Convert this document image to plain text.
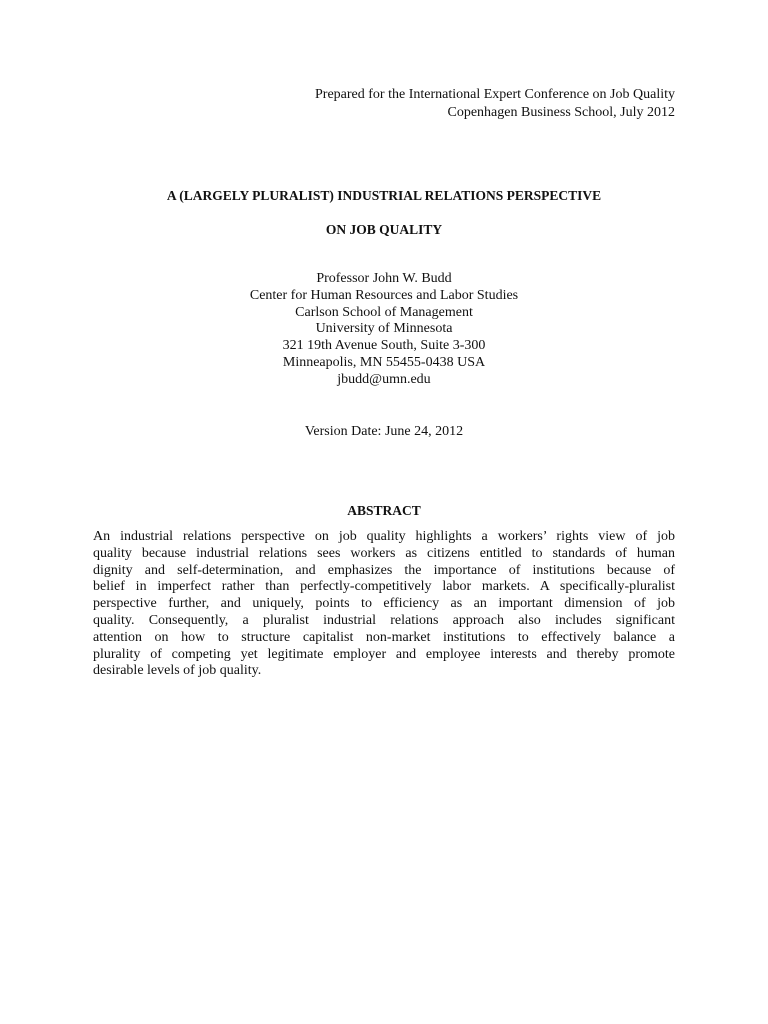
Prepared for the International Expert Conference on Job Quality
Copenhagen Business School, July 2012
A (LARGELY PLURALIST) INDUSTRIAL RELATIONS PERSPECTIVE
ON JOB QUALITY
Professor John W. Budd
Center for Human Resources and Labor Studies
Carlson School of Management
University of Minnesota
321 19th Avenue South, Suite 3-300
Minneapolis, MN 55455-0438 USA
jbudd@umn.edu
Version Date: June 24, 2012
ABSTRACT
An industrial relations perspective on job quality highlights a workers’ rights view of job
quality because industrial relations sees workers as citizens entitled to standards of human
dignity and self-determination, and emphasizes the importance of institutions because of
belief in imperfect rather than perfectly-competitively labor markets. A specifically-pluralist
perspective further, and uniquely, points to efficiency as an important dimension of job
quality. Consequently, a pluralist industrial relations approach also includes significant
attention on how to structure capitalist non-market institutions to effectively balance a
plurality of competing yet legitimate employer and employee interests and thereby promote
desirable levels of job quality.
